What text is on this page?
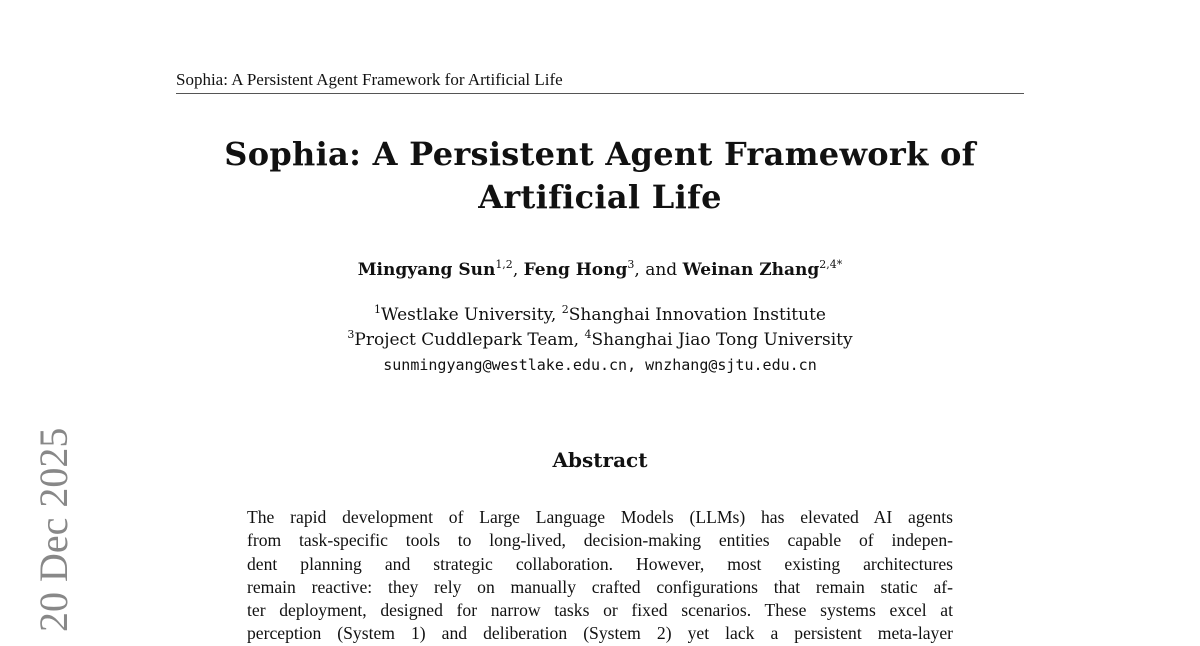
Sophia: A Persistent Agent Framework for Artificial Life
Sophia: A Persistent Agent Framework of
Artificial Life
Mingyang Sun$^{1,2}$, Feng Hong$^3$, and Weinan Zhang$^{2,4*}$
$^1$Westlake University, $^2$Shanghai Innovation Institute
$^3$Project Cuddlepark Team, $^4$Shanghai Jiao Tong University
sunmingyang@westlake.edu.cn, wnzhang@sjtu.edu.cn
Abstract
The rapid development of Large Language Models (LLMs) has elevated AI agents
from task-specific tools to long-lived, decision-making entities capable of indepen-
dent planning and strategic collaboration. However, most existing architectures
remain reactive: they rely on manually crafted configurations that remain static af-
ter deployment, designed for narrow tasks or fixed scenarios. These systems excel at
perception (System 1) and deliberation (System 2) yet lack a persistent meta-layer
20 Dec 2025
